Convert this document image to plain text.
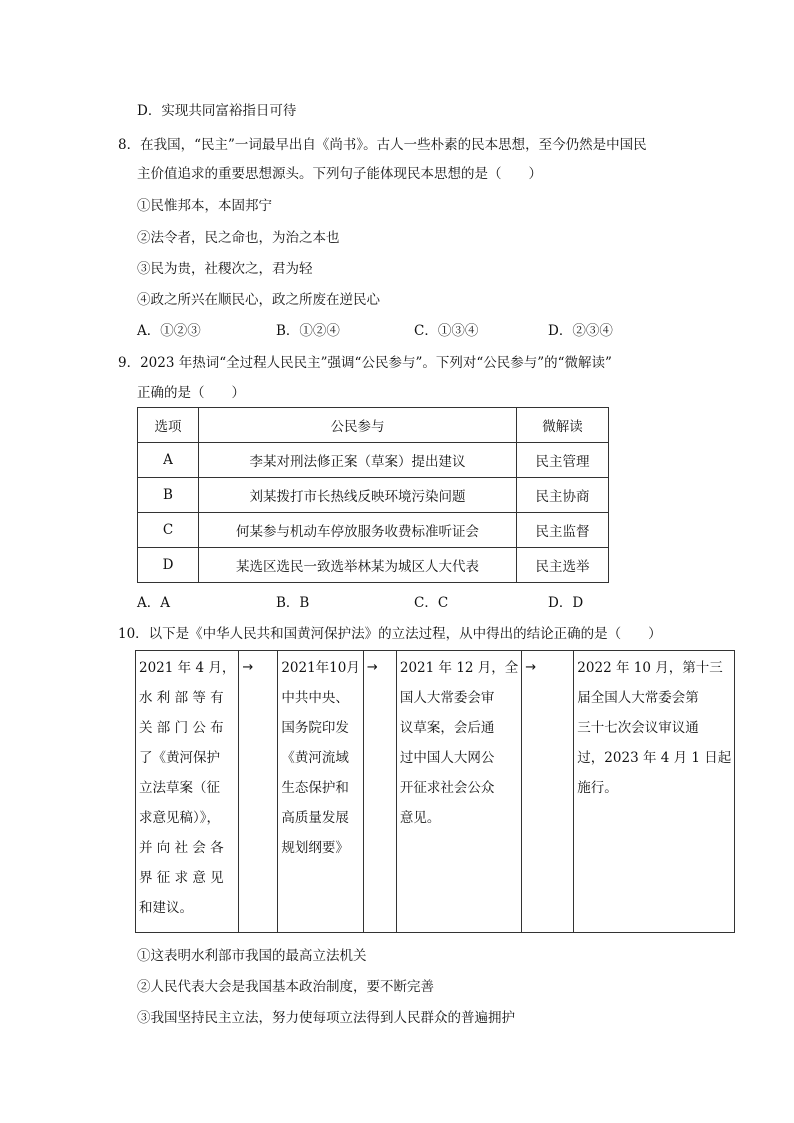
D．实现共同富裕指日可待
8．在我国，“民主”一词最早出自《尚书》。古人一些朴素的民本思想，至今仍然是中国民
主价值追求的重要思想源头。下列句子能体现民本思想的是（　　）
①民惟邦本，本固邦宁
②法令者，民之命也，为治之本也
③民为贵，社稷次之，君为轻
④政之所兴在顺民心，政之所废在逆民心
A．①②③	B．①②④	C．①③④	D．②③④
9．2023 年热词“全过程人民民主”强调“公民参与”。下列对“公民参与”的“微解读”
正确的是（　　）
选项	公民参与	微解读
A	李某对刑法修正案（草案）提出建议	民主管理
B	刘某拨打市长热线反映环境污染问题	民主协商
C	何某参与机动车停放服务收费标准听证会	民主监督
D	某选区选民一致选举林某为城区人大代表	民主选举
A．A	B．B	C．C	D．D
10．以下是《中华人民共和国黄河保护法》的立法过程，从中得出的结论正确的是（　　）
2021 年 4 月，
水 利 部 等 有
关 部 门 公 布
了《黄河保护
立法草案（征
求意见稿）》，
并 向 社 会 各
界 征 求 意 见
和建议。
	→	2021年10月
中共中央、
国务院印发
《黄河流域
生态保护和
高质量发展
规划纲要》
	→	2021 年 12 月，全
国人大常委会审
议草案，会后通
过中国人大网公
开征求社会公众
意见。
	→	2022 年 10 月，第十三
届全国人大常委会第
三十七次会议审议通
过，2023 年 4 月 1 日起
施行。
①这表明水利部市我国的最高立法机关
②人民代表大会是我国基本政治制度，要不断完善
③我国坚持民主立法，努力使每项立法得到人民群众的普遍拥护
